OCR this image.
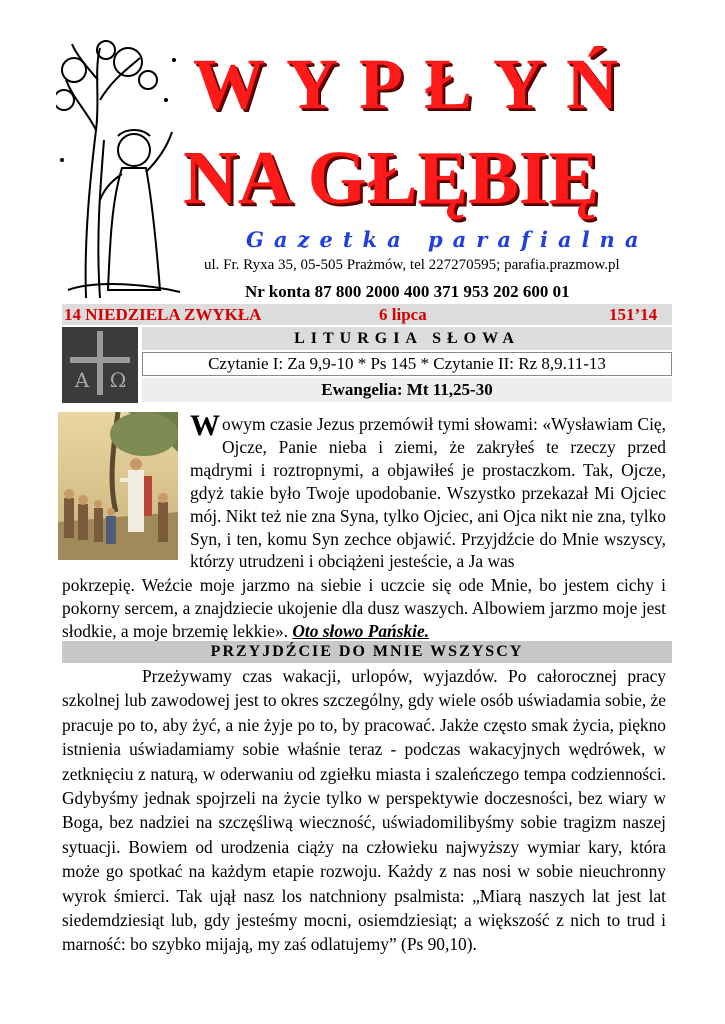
WYPŁYŃ
NA GŁĘBIĘ
Gazetka parafialna
ul. Fr. Ryxa 35, 05-505 Prażmów, tel 227270595; parafia.prazmow.pl
Nr konta 87 800 2000 400 371 953 202 600 01
14 NIEDZIELA ZWYKŁA	6 lipca	151’14
Α Ω
LITURGIA SŁOWA
Czytanie I: Za 9,9-10 * Ps 145 * Czytanie II: Rz 8,9.11-13
Ewangelia: Mt 11,25-30
W owym czasie Jezus przemówił tymi słowami: «Wysławiam Cię, Ojcze, Panie nieba i ziemi, że zakryłeś te rzeczy przed mądrymi i roztropnymi, a objawiłeś je prostaczkom. Tak, Ojcze, gdyż takie było Twoje upodobanie. Wszystko przekazał Mi Ojciec mój. Nikt też nie zna Syna, tylko Ojciec, ani Ojca nikt nie zna, tylko Syn, i ten, komu Syn zechce objawić. Przyjdźcie do Mnie wszyscy, którzy utrudzeni i obciążeni jesteście, a Ja was
pokrzepię. Weźcie moje jarzmo na siebie i uczcie się ode Mnie, bo jestem cichy i pokorny sercem, a znajdziecie ukojenie dla dusz waszych. Albowiem jarzmo moje jest słodkie, a moje brzemię lekkie». Oto słowo Pańskie.
PRZYJDŹCIE DO MNIE WSZYSCY

Przeżywamy czas wakacji, urlopów, wyjazdów. Po całorocznej pracy szkolnej lub zawodowej jest to okres szczególny, gdy wiele osób uświadamia sobie, że pracuje po to, aby żyć, a nie żyje po to, by pracować. Jakże często smak życia, piękno istnienia uświadamiamy sobie właśnie teraz - podczas wakacyjnych wędrówek, w zetknięciu z naturą, w oderwaniu od zgiełku miasta i szaleńczego tempa codzienności. Gdybyśmy jednak spojrzeli na życie tylko w perspektywie doczesności, bez wiary w Boga, bez nadziei na szczęśliwą wieczność, uświadomilibyśmy sobie tragizm naszej sytuacji. Bowiem od urodzenia ciąży na człowieku najwyższy wymiar kary, która może go spotkać na każdym etapie rozwoju. Każdy z nas nosi w sobie nieuchronny wyrok śmierci. Tak ujął nasz los natchniony psalmista: „Miarą naszych lat jest lat siedemdziesiąt lub, gdy jesteśmy mocni, osiemdziesiąt; a większość z nich to trud i marność: bo szybko mijają, my zaś odlatujemy” (Ps 90,10).
